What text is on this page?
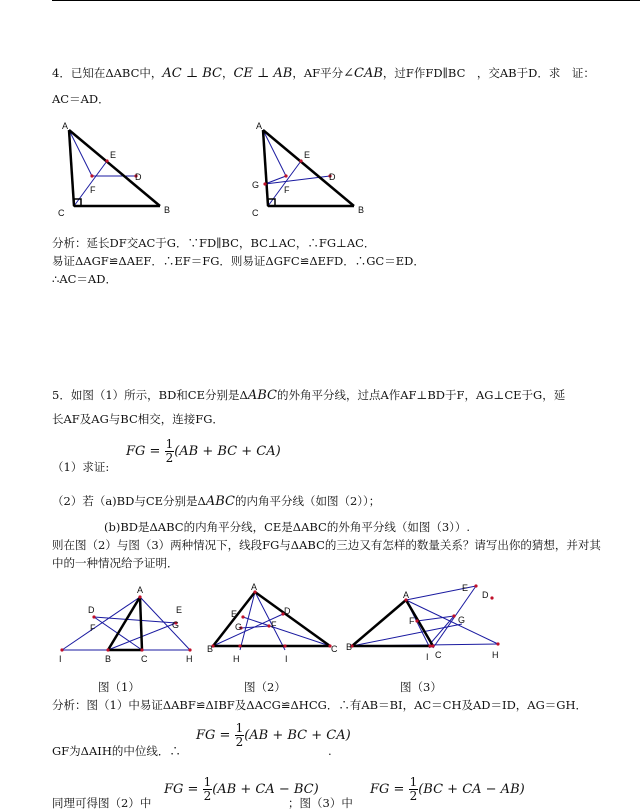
4．已知在ΔABC中，AC ⊥ BC，CE ⊥ AB，AF平分∠CAB，过F作FD∥BC　，交AB于D．求　证：
AC＝AD．
A
E
D
F
C	B
A
E
D
G	F
C	B
分析：延长DF交AC于G．∵FD∥BC，BC⊥AC，∴FG⊥AC．
易证ΔAGF≌ΔAEF．∴EF＝FG．则易证ΔGFC≌ΔEFD．∴GC＝ED．
∴AC＝AD．
5．如图（1）所示，BD和CE分别是ΔABC的外角平分线，过点A作AF⊥BD于F，AG⊥CE于G，延
长AF及AG与BC相交，连接FG．
FG = $\frac{1}{2} (AB$ + BC + CA)
（1）求证:
（2）若（a)BD与CE分别是ΔABC的内角平分线（如图（2））；
(b)BD是ΔABC的内角平分线，CE是ΔABC的外角平分线（如图（3））.
则在图（2）与图（3）两种情况下，线段FG与ΔABC的三边又有怎样的数量关系？请写出你的猜想，并对其
中的一种情况给予证明．
A
D	E
F	G
I	B	C	H
A
E	D
G	F
B
H	I
C
E
D
A
F	G
B
I C	H
图（1）	图（2）	图（3）
分析：图（1）中易证ΔABF≌ΔIBF及ΔACG≌ΔHCG．∴有AB＝BI，AC＝CH及AD＝ID，AG＝GH．
GF为ΔAIH的中位线．∴
FG = $\frac{1}{2} (AB$ + BC + CA)
.
同理可得图（2）中
FG = $\frac{1}{2} (AB$ + CA − BC)
；图（3）中
FG = $\frac{1}{2} (BC$ + CA − AB)
